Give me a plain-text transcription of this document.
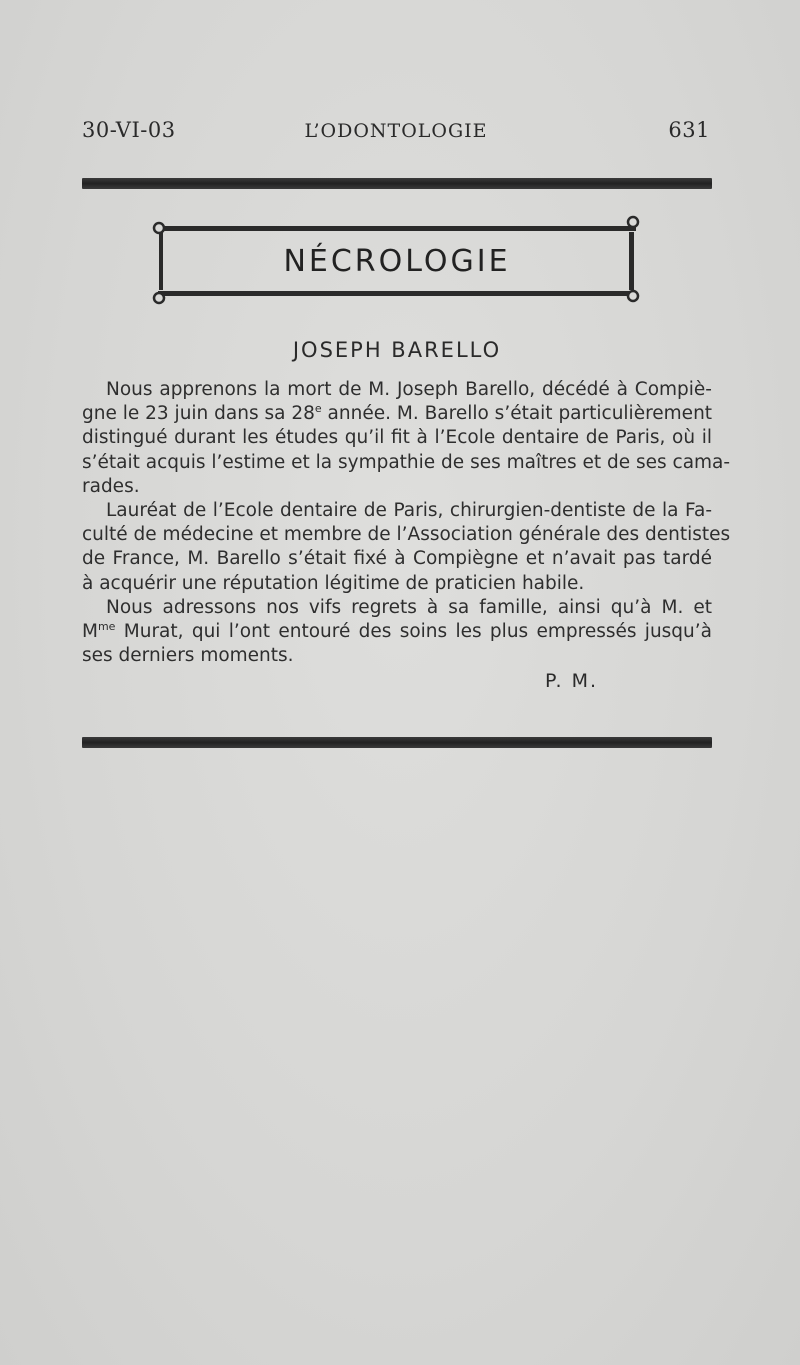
30-VI-03	L’ODONTOLOGIE	631
NÉCROLOGIE
JOSEPH BARELLO
Nous apprenons la mort de M. Joseph Barello, décédé à Compiè-
gne le 23 juin dans sa 28e année. M. Barello s’était particulièrement
distingué durant les études qu’il fit à l’Ecole dentaire de Paris, où il
s’était acquis l’estime et la sympathie de ses maîtres et de ses cama-
rades.
Lauréat de l’Ecole dentaire de Paris, chirurgien-dentiste de la Fa-
culté de médecine et membre de l’Association générale des dentistes
de France, M. Barello s’était fixé à Compiègne et n’avait pas tardé
à acquérir une réputation légitime de praticien habile.
Nous adressons nos vifs regrets à sa famille, ainsi qu’à M. et
$M^{me}$ Murat, qui l’ont entouré des soins les plus empressés jusqu’à
ses derniers moments.
P. M.
